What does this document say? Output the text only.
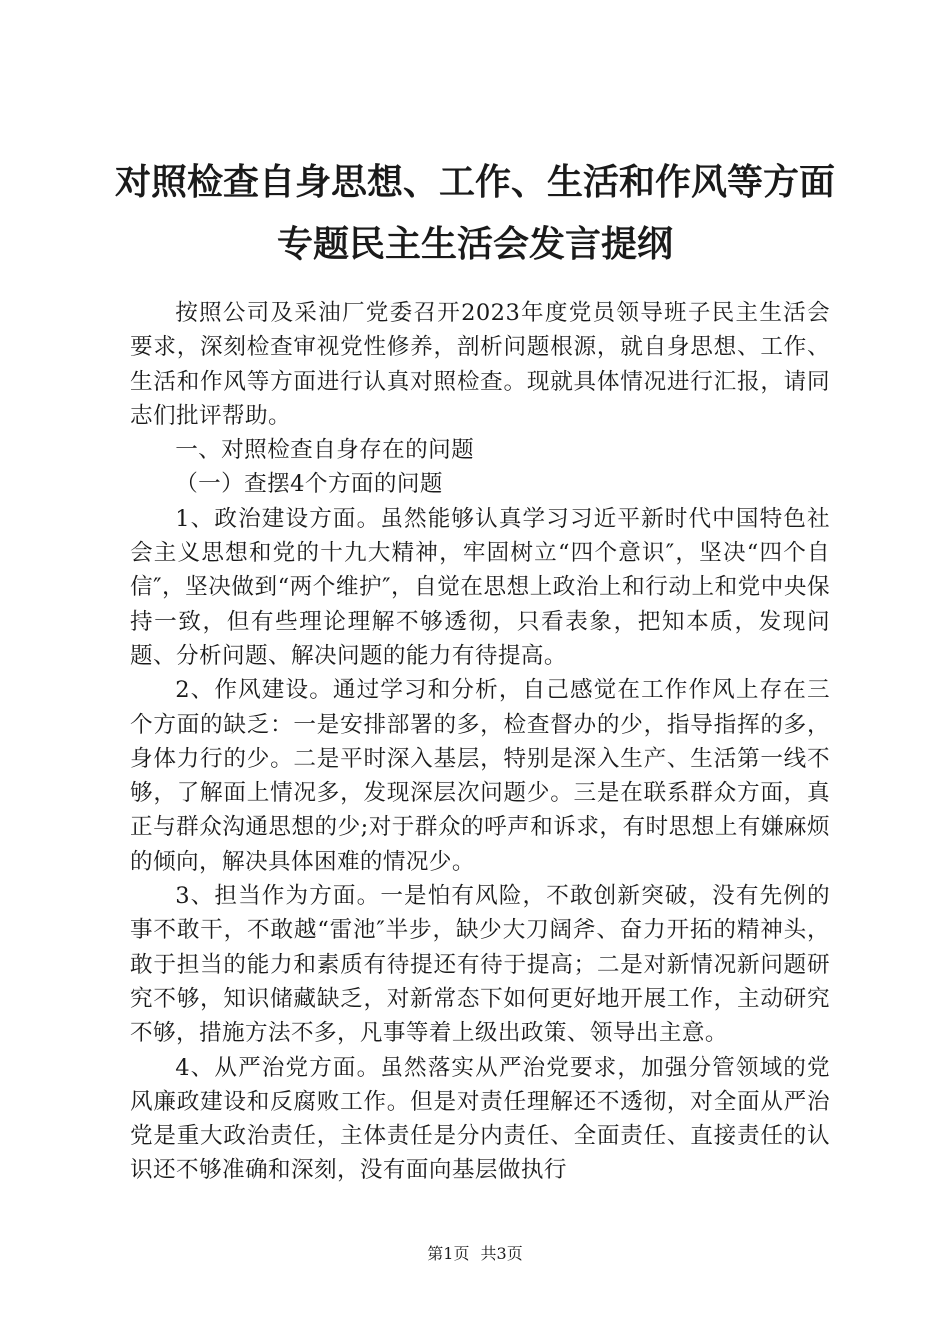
对照检查自身思想、工作、生活和作风等方面
专题民主生活会发言提纲

按照公司及采油厂党委召开2023年度党员领导班子民主生活会要求，深刻检查审视党性修养，剖析问题根源，就自身思想、工作、生活和作风等方面进行认真对照检查。现就具体情况进行汇报，请同志们批评帮助。

一、对照检查自身存在的问题

（一）查摆4个方面的问题

1、政治建设方面。虽然能够认真学习习近平新时代中国特色社会主义思想和党的十九大精神，牢固树立“四个意识″，坚决“四个自信″，坚决做到“两个维护″，自觉在思想上政治上和行动上和党中央保持一致，但有些理论理解不够透彻，只看表象，把知本质，发现问题、分析问题、解决问题的能力有待提高。

2、作风建设。通过学习和分析，自己感觉在工作作风上存在三个方面的缺乏：一是安排部署的多，检查督办的少，指导指挥的多，身体力行的少。二是平时深入基层，特别是深入生产、生活第一线不够，了解面上情况多，发现深层次问题少。三是在联系群众方面，真正与群众沟通思想的少;对于群众的呼声和诉求，有时思想上有嫌麻烦的倾向，解决具体困难的情况少。

3、担当作为方面。一是怕有风险，不敢创新突破，没有先例的事不敢干，不敢越“雷池″半步，缺少大刀阔斧、奋力开拓的精神头，敢于担当的能力和素质有待提还有待于提高；二是对新情况新问题研究不够，知识储藏缺乏，对新常态下如何更好地开展工作，主动研究不够，措施方法不多，凡事等着上级出政策、领导出主意。

4、从严治党方面。虽然落实从严治党要求，加强分管领域的党风廉政建设和反腐败工作。但是对责任理解还不透彻，对全面从严治党是重大政治责任，主体责任是分内责任、全面责任、直接责任的认识还不够准确和深刻，没有面向基层做执行

第1页 共3页
